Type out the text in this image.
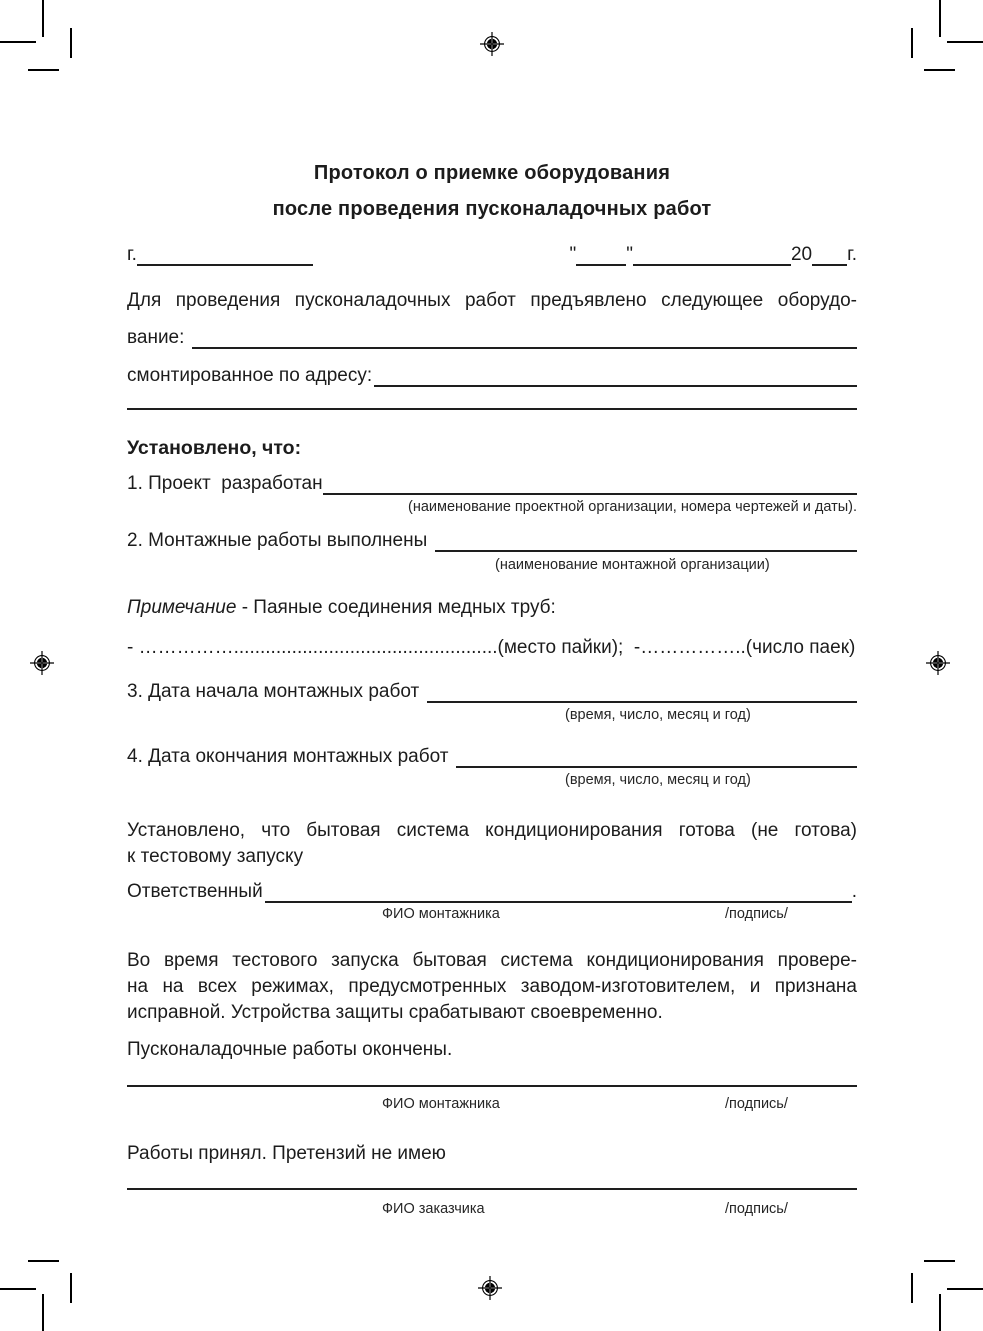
Протокол о приемке оборудования
после проведения пусконаладочных работ
г.	"	"	20 г.
Для проведения пусконаладочных работ предъявлено следующее оборудо-
вание:
смонтированное по адресу:
Установлено, что:
1. Проект  разработан
(наименование проектной организации, номера чертежей и даты).
2. Монтажные работы выполнены
(наименование монтажной организации)
Примечание - Паяные соединения медных труб:
- ……………..................................................(место пайки);  -……………..(число паек)
3. Дата начала монтажных работ
(время, число, месяц и год)
4. Дата окончания монтажных работ
(время, число, месяц и год)
Установлено, что бытовая система кондиционирования готова (не готова)
к тестовому запуску
Ответственный	.
ФИО монтажника	/подпись/
Во время тестового запуска бытовая система кондиционирования провере-
на на всех режимах, предусмотренных заводом-изготовителем, и признана
исправной. Устройства защиты срабатывают своевременно.
Пусконаладочные работы окончены.
ФИО монтажника	/подпись/
Работы принял. Претензий не имею
ФИО заказчика	/подпись/
